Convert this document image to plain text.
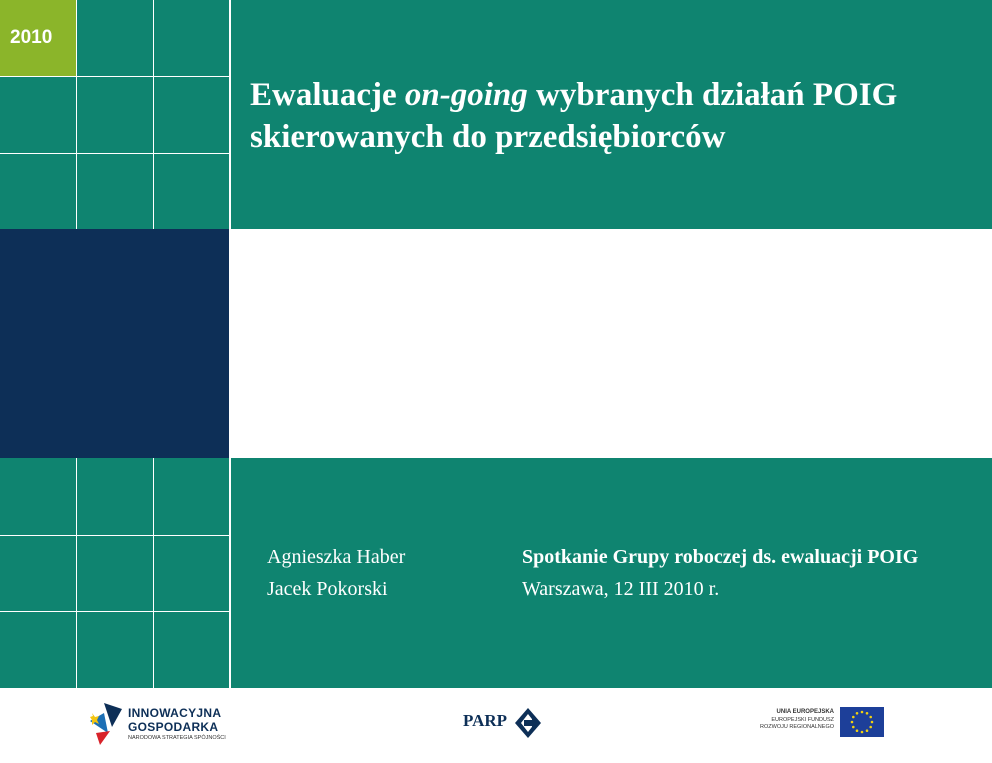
2010
Ewaluacje on-going wybranych działań POIG skierowanych do przedsiębiorców
Agnieszka Haber
Jacek Pokorski
Spotkanie Grupy roboczej ds. ewaluacji POIG
Warszawa, 12 III 2010 r.
INNOWACYJNA
GOSPODARKA
NARODOWA STRATEGIA SPÓJNOŚCI
PARP	UNIA EUROPEJSKA
EUROPEJSKI FUNDUSZ
ROZWOJU REGIONALNEGO
